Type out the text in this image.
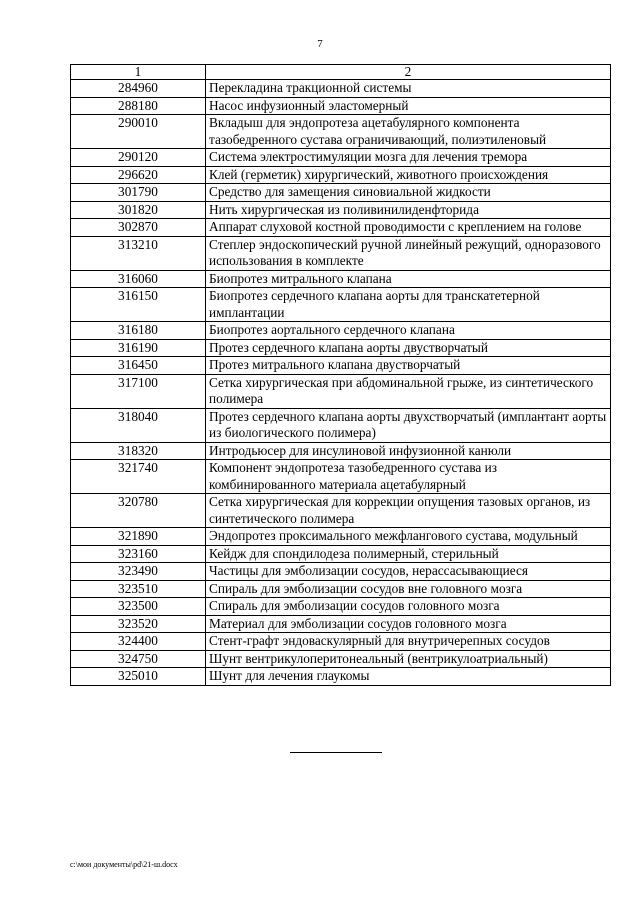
7
1	2
284960	Перекладина тракционной системы
288180	Насос инфузионный эластомерный
290010	Вкладыш для эндопротеза ацетабулярного компонента тазобедренного сустава ограничивающий, полиэтиленовый
290120	Система электростимуляции мозга для лечения тремора
296620	Клей (герметик) хирургический, животного происхождения
301790	Средство для замещения синовиальной жидкости
301820	Нить хирургическая из поливинилиденфторида
302870	Аппарат слуховой костной проводимости с креплением на голове
313210	Степлер эндоскопический ручной линейный режущий, одноразового использования в комплекте
316060	Биопротез митрального клапана
316150	Биопротез сердечного клапана аорты для транскатетерной имплантации
316180	Биопротез аортального сердечного клапана
316190	Протез сердечного клапана аорты двустворчатый
316450	Протез митрального клапана двустворчатый
317100	Сетка хирургическая при абдоминальной грыже, из синтетического полимера
318040	Протез сердечного клапана аорты двухстворчатый (имплантант аорты из биологического полимера)
318320	Интродьюсер для инсулиновой инфузионной канюли
321740	Компонент эндопротеза тазобедренного сустава из комбинированного материала ацетабулярный
320780	Сетка хирургическая для коррекции опущения тазовых органов, из синтетического полимера
321890	Эндопротез проксимального межфлангового сустава, модульный
323160	Кейдж для спондилодеза полимерный, стерильный
323490	Частицы для эмболизации сосудов, нерассасывающиеся
323510	Спираль для эмболизации сосудов вне головного мозга
323500	Спираль для эмболизации сосудов головного мозга
323520	Материал для эмболизации сосудов головного мозга
324400	Стент-графт эндоваскулярный для внутричерепных сосудов
324750	Шунт вентрикулоперитонеальный (вентрикулоатриальный)
325010	Шунт для лечения глаукомы
c:\мои документы\pd\21-ш.docx
